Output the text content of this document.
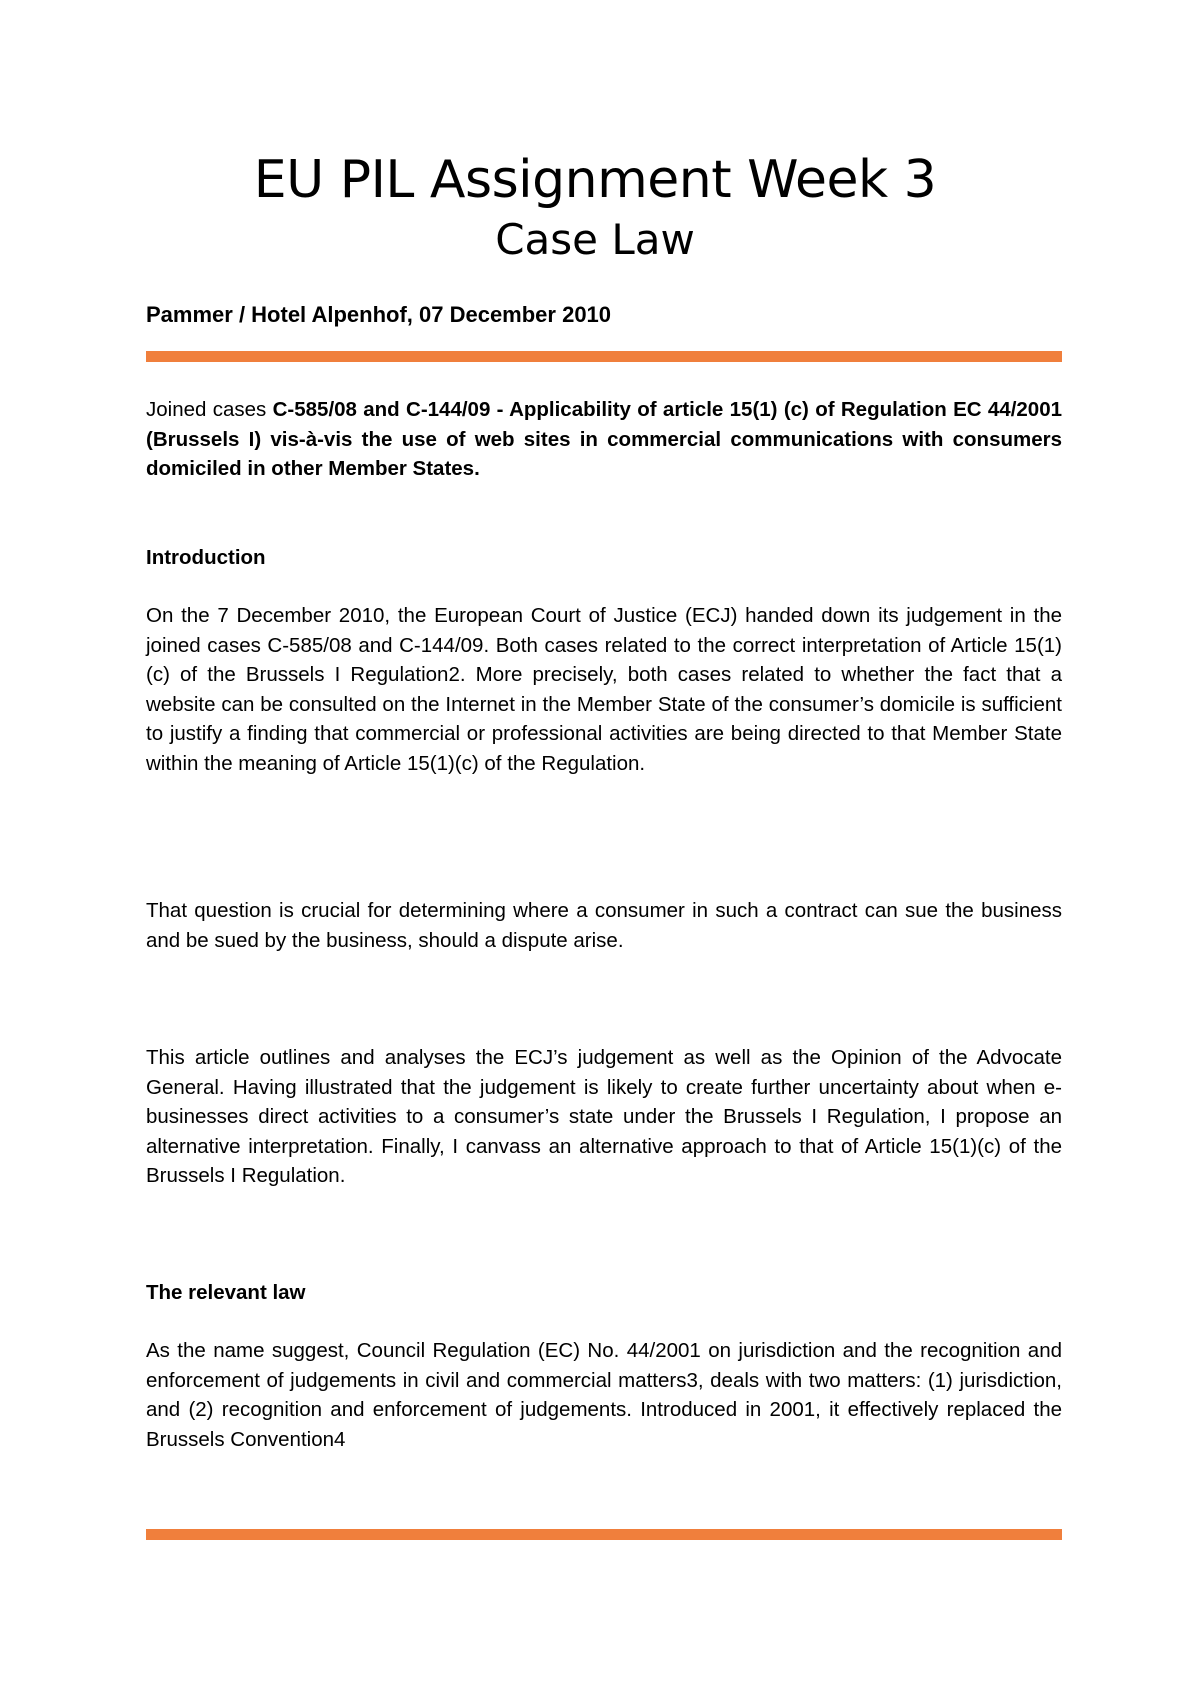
EU PIL Assignment Week 3
Case Law
Pammer / Hotel Alpenhof, 07 December 2010

Joined cases C-585/08 and C-144/09 - Applicability of article 15(1) (c) of Regulation EC 44/2001 (Brussels I) vis-à-vis the use of web sites in commercial communications with consumers domiciled in other Member States.

Introduction

On the 7 December 2010, the European Court of Justice (ECJ) handed down its judgement in the joined cases C-585/08 and C-144/09. Both cases related to the correct interpretation of Article 15(1)(c) of the Brussels I Regulation2. More precisely, both cases related to whether the fact that a website can be consulted on the Internet in the Member State of the consumer’s domicile is sufficient to justify a finding that commercial or professional activities are being directed to that Member State within the meaning of Article 15(1)(c) of the Regulation.

That question is crucial for determining where a consumer in such a contract can sue the business and be sued by the business, should a dispute arise.

This article outlines and analyses the ECJ’s judgement as well as the Opinion of the Advocate General. Having illustrated that the judgement is likely to create further uncertainty about when e-businesses direct activities to a consumer’s state under the Brussels I Regulation, I propose an alternative interpretation. Finally, I canvass an alternative approach to that of Article 15(1)(c) of the Brussels I Regulation.

The relevant law

As the name suggest, Council Regulation (EC) No. 44/2001 on jurisdiction and the recognition and enforcement of judgements in civil and commercial matters3, deals with two matters: (1) jurisdiction, and (2) recognition and enforcement of judgements. Introduced in 2001, it effectively replaced the Brussels Convention4
